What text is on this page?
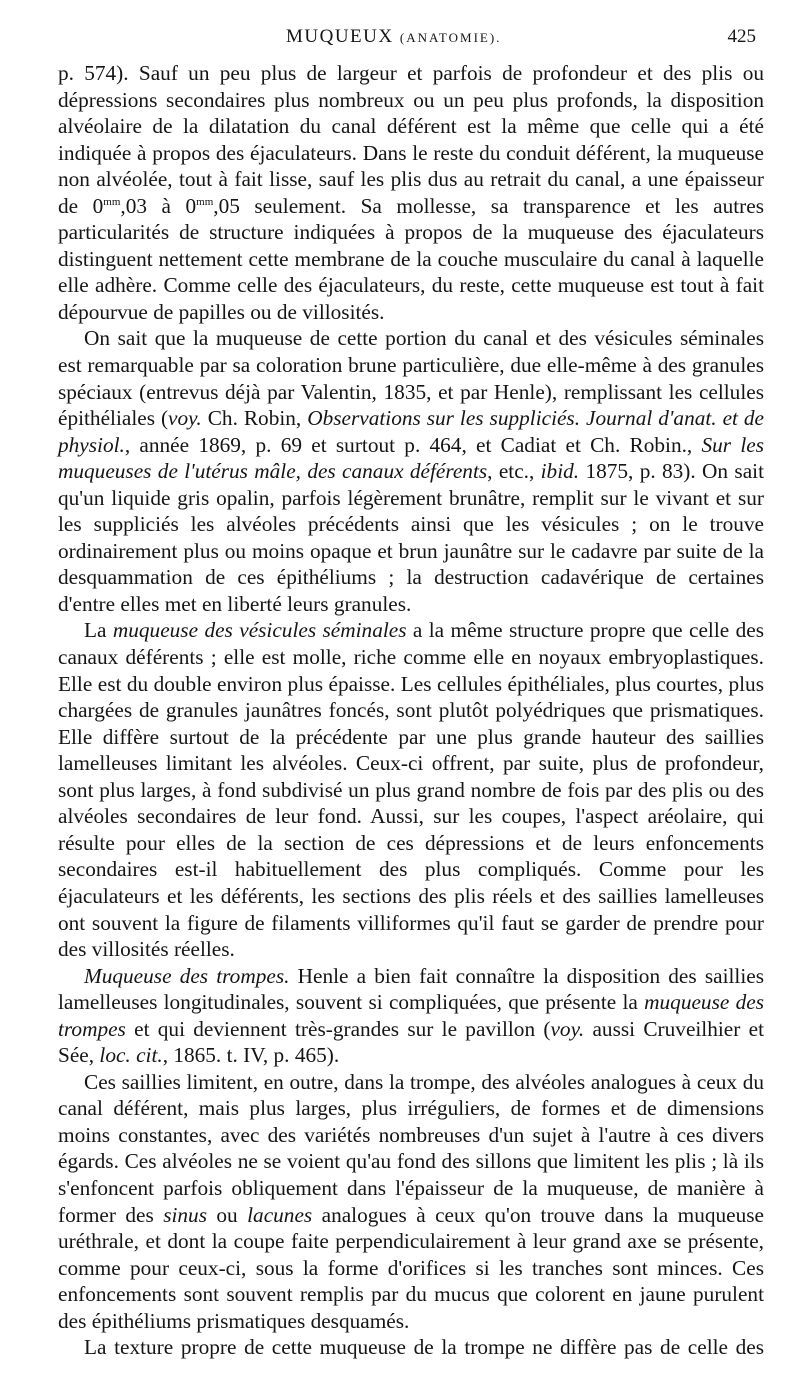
MUQUEUX (ANATOMIE).	425

p. 574). Sauf un peu plus de largeur et parfois de profondeur et des plis ou dépressions secondaires plus nombreux ou un peu plus profonds, la disposition alvéolaire de la dilatation du canal déférent est la même que celle qui a été indiquée à propos des éjaculateurs. Dans le reste du conduit déférent, la muqueuse non alvéolée, tout à fait lisse, sauf les plis dus au retrait du canal, a une épaisseur de $0^{mm},03$ à $0^{mm},05$ seulement. Sa mollesse, sa transparence et les autres particularités de structure indiquées à propos de la muqueuse des éjaculateurs distinguent nettement cette membrane de la couche musculaire du canal à laquelle elle adhère. Comme celle des éjaculateurs, du reste, cette muqueuse est tout à fait dépourvue de papilles ou de villosités.

On sait que la muqueuse de cette portion du canal et des vésicules séminales est remarquable par sa coloration brune particulière, due elle-même à des granules spéciaux (entrevus déjà par Valentin, 1835, et par Henle), remplissant les cellules épithéliales (voy. Ch. Robin, Observations sur les suppliciés. Journal d'anat. et de physiol., année 1869, p. 69 et surtout p. 464, et Cadiat et Ch. Robin., Sur les muqueuses de l'utérus mâle, des canaux déférents, etc., ibid. 1875, p. 83). On sait qu'un liquide gris opalin, parfois légèrement brunâtre, remplit sur le vivant et sur les suppliciés les alvéoles précédents ainsi que les vésicules ; on le trouve ordinairement plus ou moins opaque et brun jaunâtre sur le cadavre par suite de la desquammation de ces épithéliums ; la destruction cadavérique de certaines d'entre elles met en liberté leurs granules.

La muqueuse des vésicules séminales a la même structure propre que celle des canaux déférents ; elle est molle, riche comme elle en noyaux embryoplastiques. Elle est du double environ plus épaisse. Les cellules épithéliales, plus courtes, plus chargées de granules jaunâtres foncés, sont plutôt polyédriques que prismatiques. Elle diffère surtout de la précédente par une plus grande hauteur des saillies lamelleuses limitant les alvéoles. Ceux-ci offrent, par suite, plus de profondeur, sont plus larges, à fond subdivisé un plus grand nombre de fois par des plis ou des alvéoles secondaires de leur fond. Aussi, sur les coupes, l'aspect aréolaire, qui résulte pour elles de la section de ces dépressions et de leurs enfoncements secondaires est-il habituellement des plus compliqués. Comme pour les éjaculateurs et les déférents, les sections des plis réels et des saillies lamelleuses ont souvent la figure de filaments villiformes qu'il faut se garder de prendre pour des villosités réelles.

Muqueuse des trompes. Henle a bien fait connaître la disposition des saillies lamelleuses longitudinales, souvent si compliquées, que présente la muqueuse des trompes et qui deviennent très-grandes sur le pavillon (voy. aussi Cruveilhier et Sée, loc. cit., 1865. t. IV, p. 465).

Ces saillies limitent, en outre, dans la trompe, des alvéoles analogues à ceux du canal déférent, mais plus larges, plus irréguliers, de formes et de dimensions moins constantes, avec des variétés nombreuses d'un sujet à l'autre à ces divers égards. Ces alvéoles ne se voient qu'au fond des sillons que limitent les plis ; là ils s'enfoncent parfois obliquement dans l'épaisseur de la muqueuse, de manière à former des sinus ou lacunes analogues à ceux qu'on trouve dans la muqueuse uréthrale, et dont la coupe faite perpendiculairement à leur grand axe se présente, comme pour ceux-ci, sous la forme d'orifices si les tranches sont minces. Ces enfoncements sont souvent remplis par du mucus que colorent en jaune purulent des épithéliums prismatiques desquamés.

La texture propre de cette muqueuse de la trompe ne diffère pas de celle des
